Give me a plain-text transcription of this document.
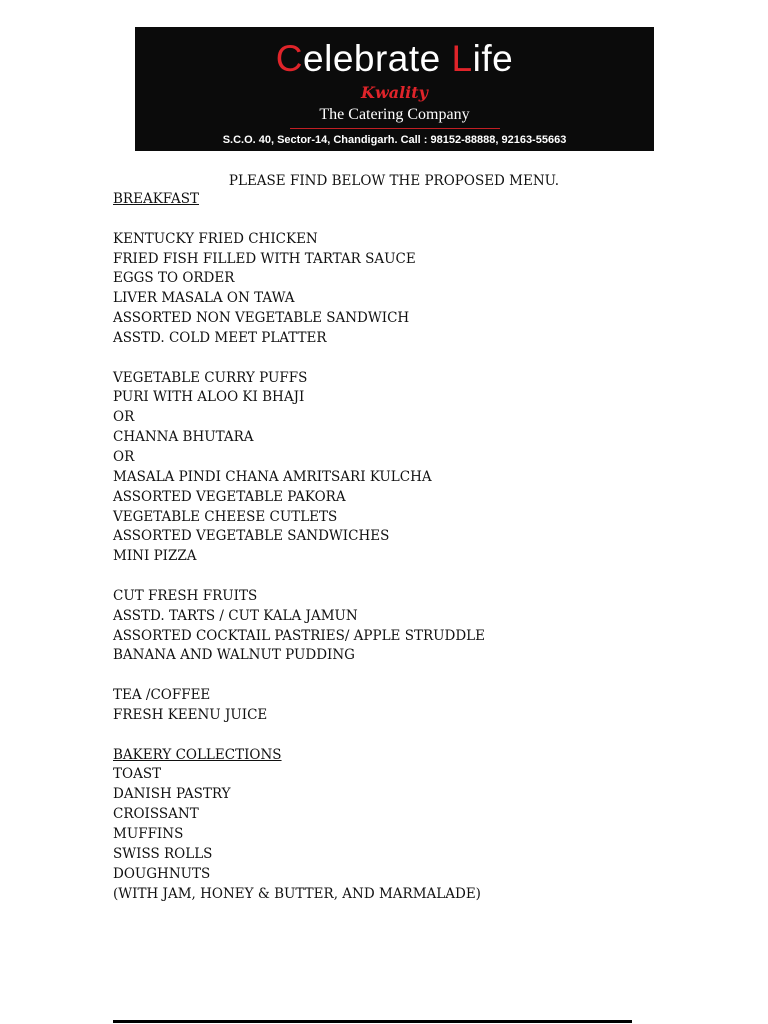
Celebrate Life
Kwality
The Catering Company
S.C.O. 40, Sector-14, Chandigarh. Call : 98152-88888, 92163-55663
PLEASE FIND BELOW THE PROPOSED MENU.
BREAKFAST
KENTUCKY FRIED CHICKEN
FRIED FISH FILLED WITH TARTAR SAUCE
EGGS TO ORDER
LIVER MASALA ON TAWA
ASSORTED NON VEGETABLE SANDWICH
ASSTD. COLD MEET PLATTER
VEGETABLE CURRY PUFFS
PURI WITH ALOO KI BHAJI
OR
CHANNA BHUTARA
OR
MASALA PINDI CHANA AMRITSARI KULCHA
ASSORTED VEGETABLE PAKORA
VEGETABLE CHEESE CUTLETS
ASSORTED VEGETABLE SANDWICHES
MINI PIZZA
CUT FRESH FRUITS
ASSTD. TARTS / CUT KALA JAMUN
ASSORTED COCKTAIL PASTRIES/ APPLE STRUDDLE
BANANA AND WALNUT PUDDING
TEA /COFFEE
FRESH KEENU JUICE
BAKERY COLLECTIONS
TOAST
DANISH PASTRY
CROISSANT
MUFFINS
SWISS ROLLS
DOUGHNUTS
(WITH JAM, HONEY & BUTTER, AND MARMALADE)
